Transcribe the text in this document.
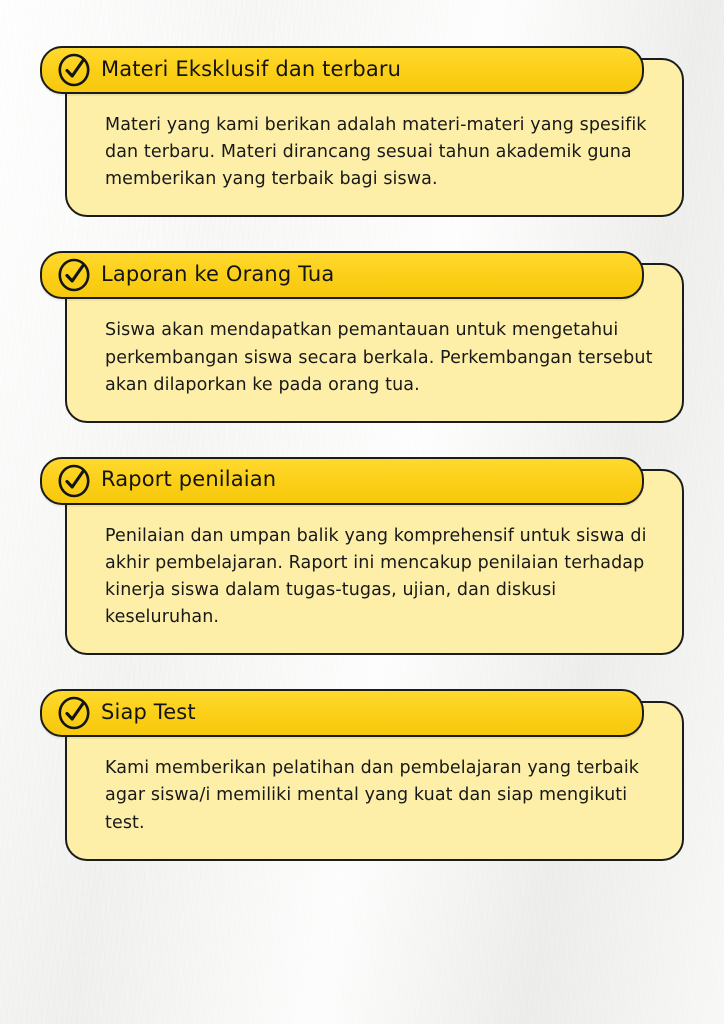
Materi Eksklusif dan terbaru

Materi yang kami berikan adalah materi-materi yang spesifik dan terbaru. Materi dirancang sesuai tahun akademik guna memberikan yang terbaik bagi siswa.

Laporan ke Orang Tua

Siswa akan mendapatkan pemantauan untuk mengetahui perkembangan siswa secara berkala. Perkembangan tersebut akan dilaporkan ke pada orang tua.

Raport penilaian

Penilaian dan umpan balik yang komprehensif untuk siswa di akhir pembelajaran. Raport ini mencakup penilaian terhadap kinerja siswa dalam tugas-tugas, ujian, dan diskusi keseluruhan.

Siap Test

Kami memberikan pelatihan dan pembelajaran yang terbaik agar siswa/i memiliki mental yang kuat dan siap mengikuti test.
